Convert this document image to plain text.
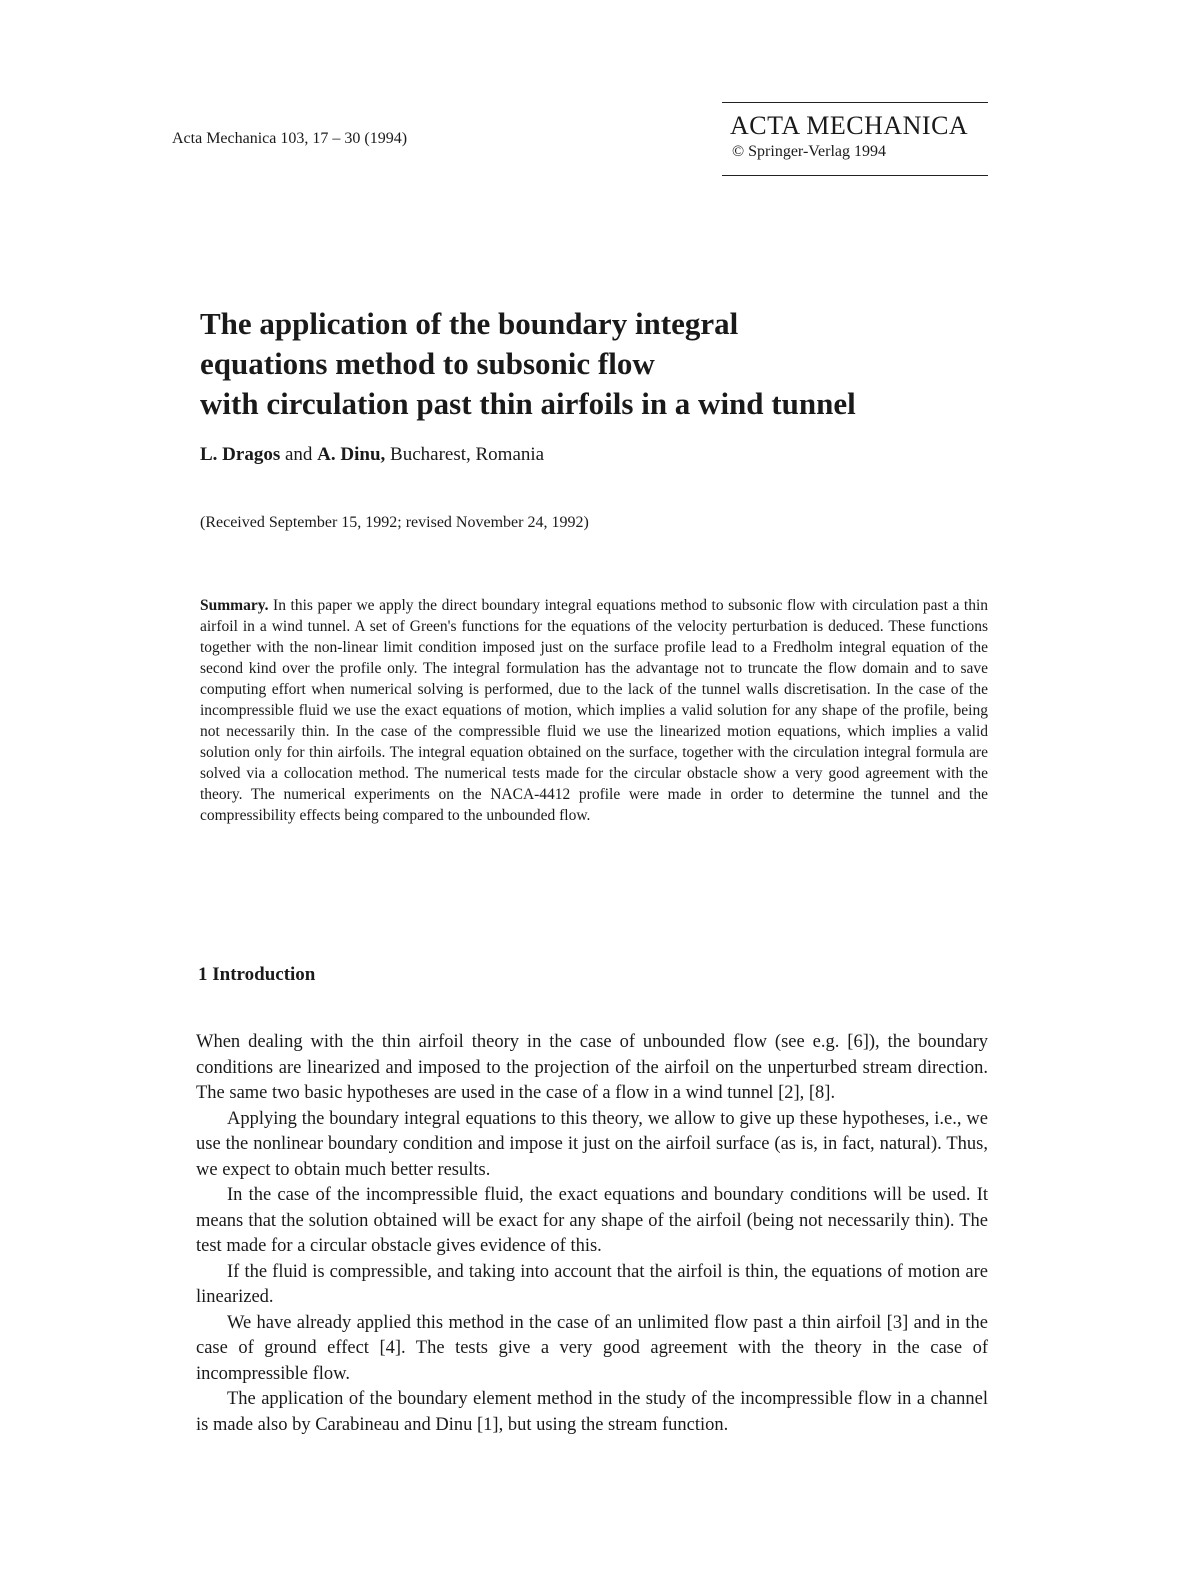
Acta Mechanica 103, 17 – 30 (1994)	ACTA MECHANICA
© Springer-Verlag 1994
The application of the boundary integral
equations method to subsonic flow
with circulation past thin airfoils in a wind tunnel
L. Dragos and A. Dinu, Bucharest, Romania
(Received September 15, 1992; revised November 24, 1992)

Summary. In this paper we apply the direct boundary integral equations method to subsonic flow with circulation past a thin airfoil in a wind tunnel. A set of Green's functions for the equations of the velocity perturbation is deduced. These functions together with the non-linear limit condition imposed just on the surface profile lead to a Fredholm integral equation of the second kind over the profile only. The integral formulation has the advantage not to truncate the flow domain and to save computing effort when numerical solving is performed, due to the lack of the tunnel walls discretisation. In the case of the incompressible fluid we use the exact equations of motion, which implies a valid solution for any shape of the profile, being not necessarily thin. In the case of the compressible fluid we use the linearized motion equations, which implies a valid solution only for thin airfoils. The integral equation obtained on the surface, together with the circulation integral formula are solved via a collocation method. The numerical tests made for the circular obstacle show a very good agreement with the theory. The numerical experiments on the NACA-4412 profile were made in order to determine the tunnel and the compressibility effects being compared to the unbounded flow.

1 Introduction

When dealing with the thin airfoil theory in the case of unbounded flow (see e.g. [6]), the boundary conditions are linearized and imposed to the projection of the airfoil on the unperturbed stream direction. The same two basic hypotheses are used in the case of a flow in a wind tunnel [2], [8].

Applying the boundary integral equations to this theory, we allow to give up these hypotheses, i.e., we use the nonlinear boundary condition and impose it just on the airfoil surface (as is, in fact, natural). Thus, we expect to obtain much better results.

In the case of the incompressible fluid, the exact equations and boundary conditions will be used. It means that the solution obtained will be exact for any shape of the airfoil (being not necessarily thin). The test made for a circular obstacle gives evidence of this.

If the fluid is compressible, and taking into account that the airfoil is thin, the equations of motion are linearized.

We have already applied this method in the case of an unlimited flow past a thin airfoil [3] and in the case of ground effect [4]. The tests give a very good agreement with the theory in the case of incompressible flow.

The application of the boundary element method in the study of the incompressible flow in a channel is made also by Carabineau and Dinu [1], but using the stream function.
